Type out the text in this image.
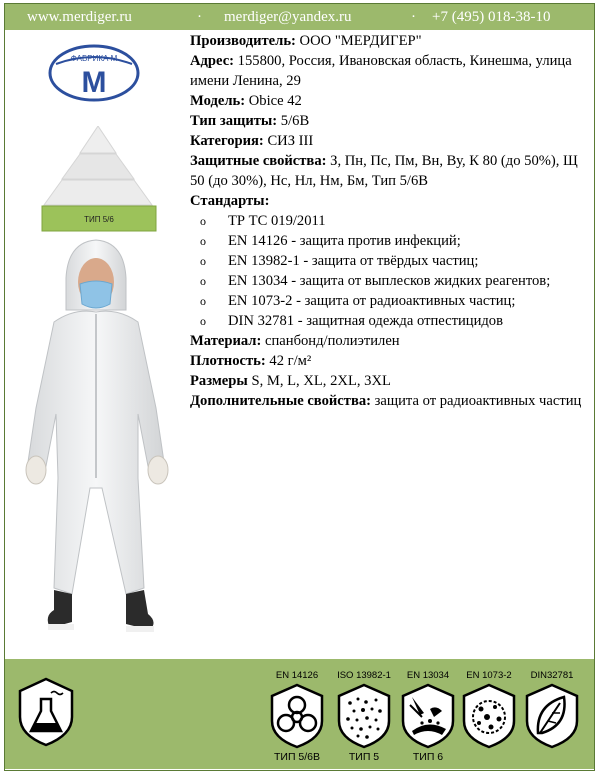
www.merdiger.ru	· merdiger@yandex.ru	· +7 (495) 018-38-10
ФАБРИКА М
М
ТИП 5/6

Производитель: ООО "МЕРДИГЕР"

Адрес: 155800, Россия, Ивановская область, Кинешма, улица имени Ленина, 29

Модель: Obice 42

Тип защиты: 5/6В

Категория: СИЗ III

Защитные свойства: З, Пн, Пс, Пм, Вн, Ву, К 80 (до 50%), Щ 50 (до 30%), Нс, Нл, Нм, Бм, Тип 5/6В

Стандарты:

o ТР ТС 019/2011
o EN 14126 - защита против инфекций;
o EN 13982-1 - защита от твёрдых частиц;
o EN 13034 - защита от выплесков жидких реагентов;
o EN 1073-2 - защита от радиоактивных частиц;
o DIN 32781 - защитная одежда отпестицидов

Материал: спанбонд/полиэтилен

Плотность: 42 г/м²

Размеры S, M, L, XL, 2XL, 3XL

Дополнительные свойства: защита от радиоактивных частиц

EN 14126
ТИП 5/6В
ISO 13982-1
ТИП 5
EN 13034
ТИП 6
EN 1073-2	DIN32781
